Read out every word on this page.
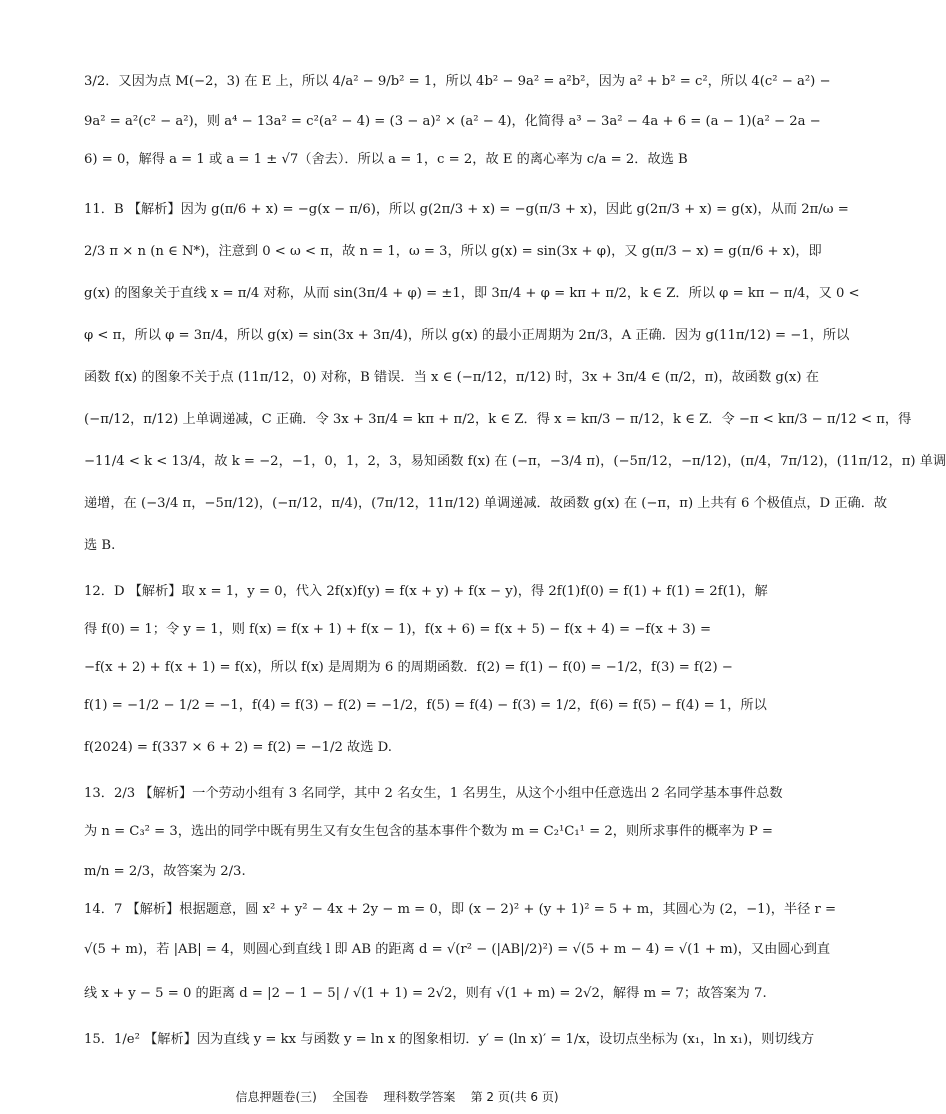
3/2．又因为点 M(−2，3) 在 E 上，所以 4/a² − 9/b² = 1，所以 4b² − 9a² = a²b²，因为 a² + b² = c²，所以 4(c² − a²) −
9a² = a²(c² − a²)，则 a⁴ − 13a² = c²(a² − 4) = (3 − a)² × (a² − 4)，化简得 a³ − 3a² − 4a + 6 = (a − 1)(a² − 2a −
6) = 0，解得 a = 1 或 a = 1 ± √7（舍去）．所以 a = 1，c = 2，故 E 的离心率为 c/a = 2．故选 B
11．B 【解析】因为 g(π/6 + x) = −g(x − π/6)，所以 g(2π/3 + x) = −g(π/3 + x)，因此 g(2π/3 + x) = g(x)，从而 2π/ω =
2/3 π × n (n ∈ N*)，注意到 0 < ω < π，故 n = 1，ω = 3，所以 g(x) = sin(3x + φ)，又 g(π/3 − x) = g(π/6 + x)，即
g(x) 的图象关于直线 x = π/4 对称，从而 sin(3π/4 + φ) = ±1，即 3π/4 + φ = kπ + π/2，k ∈ Z．所以 φ = kπ − π/4，又 0 <
φ < π，所以 φ = 3π/4，所以 g(x) = sin(3x + 3π/4)，所以 g(x) 的最小正周期为 2π/3，A 正确．因为 g(11π/12) = −1，所以
函数 f(x) 的图象不关于点 (11π/12，0) 对称，B 错误．当 x ∈ (−π/12，π/12) 时，3x + 3π/4 ∈ (π/2，π)，故函数 g(x) 在
(−π/12，π/12) 上单调递减，C 正确．令 3x + 3π/4 = kπ + π/2，k ∈ Z．得 x = kπ/3 − π/12，k ∈ Z．令 −π < kπ/3 − π/12 < π，得
−11/4 < k < 13/4，故 k = −2，−1，0，1，2，3，易知函数 f(x) 在 (−π，−3/4 π)，(−5π/12，−π/12)，(π/4，7π/12)，(11π/12，π) 单调
递增，在 (−3/4 π，−5π/12)，(−π/12，π/4)，(7π/12，11π/12) 单调递减．故函数 g(x) 在 (−π，π) 上共有 6 个极值点，D 正确．故
选 B.
12．D 【解析】取 x = 1，y = 0，代入 2f(x)f(y) = f(x + y) + f(x − y)，得 2f(1)f(0) = f(1) + f(1) = 2f(1)，解
得 f(0) = 1；令 y = 1，则 f(x) = f(x + 1) + f(x − 1)，f(x + 6) = f(x + 5) − f(x + 4) = −f(x + 3) =
−f(x + 2) + f(x + 1) = f(x)，所以 f(x) 是周期为 6 的周期函数．f(2) = f(1) − f(0) = −1/2，f(3) = f(2) −
f(1) = −1/2 − 1/2 = −1，f(4) = f(3) − f(2) = −1/2，f(5) = f(4) − f(3) = 1/2，f(6) = f(5) − f(4) = 1，所以
f(2024) = f(337 × 6 + 2) = f(2) = −1/2 故选 D.
13．2/3 【解析】一个劳动小组有 3 名同学，其中 2 名女生，1 名男生，从这个小组中任意选出 2 名同学基本事件总数
为 n = C₃² = 3，选出的同学中既有男生又有女生包含的基本事件个数为 m = C₂¹C₁¹ = 2，则所求事件的概率为 P =
m/n = 2/3，故答案为 2/3.
14．7 【解析】根据题意，圆 x² + y² − 4x + 2y − m = 0，即 (x − 2)² + (y + 1)² = 5 + m，其圆心为 (2，−1)，半径 r =
√(5 + m)，若 |AB| = 4，则圆心到直线 l 即 AB 的距离 d = √(r² − (|AB|/2)²) = √(5 + m − 4) = √(1 + m)，又由圆心到直
线 x + y − 5 = 0 的距离 d = |2 − 1 − 5| / √(1 + 1) = 2√2，则有 √(1 + m) = 2√2，解得 m = 7；故答案为 7.
15．1/e² 【解析】因为直线 y = kx 与函数 y = ln x 的图象相切．y′ = (ln x)′ = 1/x，设切点坐标为 (x₁，ln x₁)，则切线方
信息押题卷(三)    全国卷    理科数学答案    第 2 页(共 6 页)
